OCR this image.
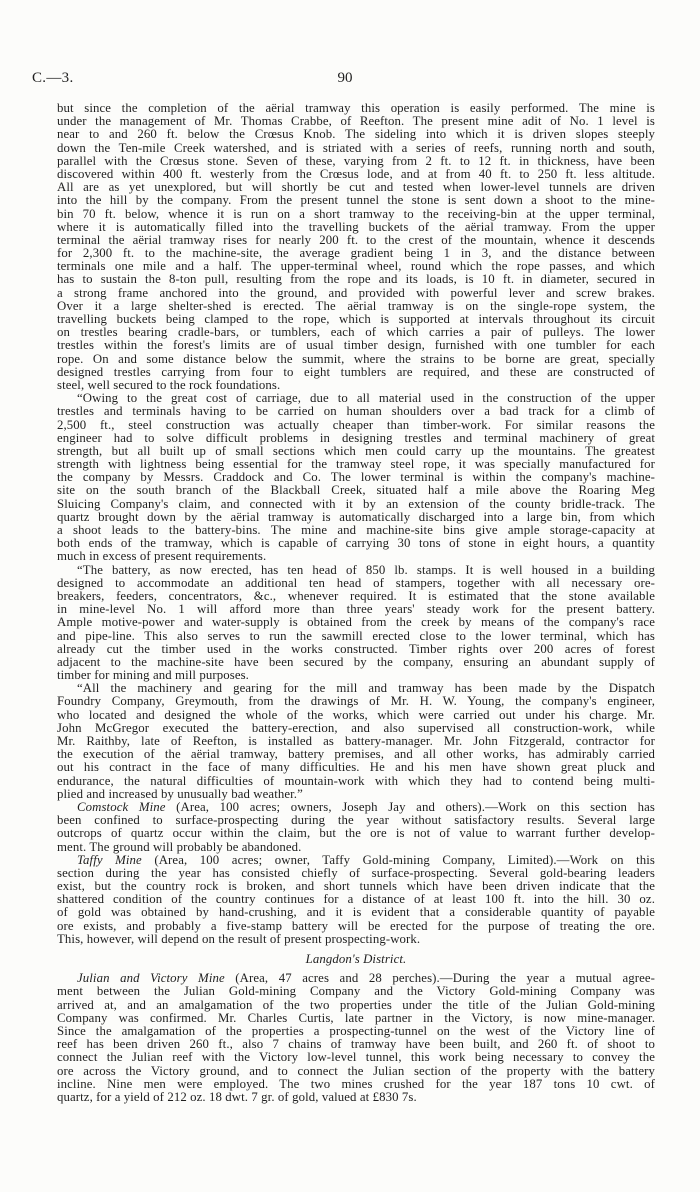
C.—3.	90
but since the completion of the aërial tramway this operation is easily performed. The mine is
under the management of Mr. Thomas Crabbe, of Reefton. The present mine adit of No. 1 level is
near to and 260 ft. below the Crœsus Knob. The sideling into which it is driven slopes steeply
down the Ten-mile Creek watershed, and is striated with a series of reefs, running north and south,
parallel with the Crœsus stone. Seven of these, varying from 2 ft. to 12 ft. in thickness, have been
discovered within 400 ft. westerly from the Crœsus lode, and at from 40 ft. to 250 ft. less altitude.
All are as yet unexplored, but will shortly be cut and tested when lower-level tunnels are driven
into the hill by the company. From the present tunnel the stone is sent down a shoot to the mine-
bin 70 ft. below, whence it is run on a short tramway to the receiving-bin at the upper terminal,
where it is automatically filled into the travelling buckets of the aërial tramway. From the upper
terminal the aërial tramway rises for nearly 200 ft. to the crest of the mountain, whence it descends
for 2,300 ft. to the machine-site, the average gradient being 1 in 3, and the distance between
terminals one mile and a half. The upper-terminal wheel, round which the rope passes, and which
has to sustain the 8-ton pull, resulting from the rope and its loads, is 10 ft. in diameter, secured in
a strong frame anchored into the ground, and provided with powerful lever and screw brakes.
Over it a large shelter-shed is erected. The aërial tramway is on the single-rope system, the
travelling buckets being clamped to the rope, which is supported at intervals throughout its circuit
on trestles bearing cradle-bars, or tumblers, each of which carries a pair of pulleys. The lower
trestles within the forest's limits are of usual timber design, furnished with one tumbler for each
rope. On and some distance below the summit, where the strains to be borne are great, specially
designed trestles carrying from four to eight tumblers are required, and these are constructed of
steel, well secured to the rock foundations.
“Owing to the great cost of carriage, due to all material used in the construction of the upper
trestles and terminals having to be carried on human shoulders over a bad track for a climb of
2,500 ft., steel construction was actually cheaper than timber-work. For similar reasons the
engineer had to solve difficult problems in designing trestles and terminal machinery of great
strength, but all built up of small sections which men could carry up the mountains. The greatest
strength with lightness being essential for the tramway steel rope, it was specially manufactured for
the company by Messrs. Craddock and Co. The lower terminal is within the company's machine-
site on the south branch of the Blackball Creek, situated half a mile above the Roaring Meg
Sluicing Company's claim, and connected with it by an extension of the county bridle-track. The
quartz brought down by the aërial tramway is automatically discharged into a large bin, from which
a shoot leads to the battery-bins. The mine and machine-site bins give ample storage-capacity at
both ends of the tramway, which is capable of carrying 30 tons of stone in eight hours, a quantity
much in excess of present requirements.
“The battery, as now erected, has ten head of 850 lb. stamps. It is well housed in a building
designed to accommodate an additional ten head of stampers, together with all necessary ore-
breakers, feeders, concentrators, &c., whenever required. It is estimated that the stone available
in mine-level No. 1 will afford more than three years' steady work for the present battery.
Ample motive-power and water-supply is obtained from the creek by means of the company's race
and pipe-line. This also serves to run the sawmill erected close to the lower terminal, which has
already cut the timber used in the works constructed. Timber rights over 200 acres of forest
adjacent to the machine-site have been secured by the company, ensuring an abundant supply of
timber for mining and mill purposes.
“All the machinery and gearing for the mill and tramway has been made by the Dispatch
Foundry Company, Greymouth, from the drawings of Mr. H. W. Young, the company's engineer,
who located and designed the whole of the works, which were carried out under his charge. Mr.
John McGregor executed the battery-erection, and also supervised all construction-work, while
Mr. Raithby, late of Reefton, is installed as battery-manager. Mr. John Fitzgerald, contractor for
the execution of the aërial tramway, battery premises, and all other works, has admirably carried
out his contract in the face of many difficulties. He and his men have shown great pluck and
endurance, the natural difficulties of mountain-work with which they had to contend being multi-
plied and increased by unusually bad weather.”
Comstock Mine (Area, 100 acres; owners, Joseph Jay and others).—Work on this section has
been confined to surface-prospecting during the year without satisfactory results. Several large
outcrops of quartz occur within the claim, but the ore is not of value to warrant further develop-
ment. The ground will probably be abandoned.
Taffy Mine (Area, 100 acres; owner, Taffy Gold-mining Company, Limited).—Work on this
section during the year has consisted chiefly of surface-prospecting. Several gold-bearing leaders
exist, but the country rock is broken, and short tunnels which have been driven indicate that the
shattered condition of the country continues for a distance of at least 100 ft. into the hill. 30 oz.
of gold was obtained by hand-crushing, and it is evident that a considerable quantity of payable
ore exists, and probably a five-stamp battery will be erected for the purpose of treating the ore.
This, however, will depend on the result of present prospecting-work.
Langdon's District.
Julian and Victory Mine (Area, 47 acres and 28 perches).—During the year a mutual agree-
ment between the Julian Gold-mining Company and the Victory Gold-mining Company was
arrived at, and an amalgamation of the two properties under the title of the Julian Gold-mining
Company was confirmed. Mr. Charles Curtis, late partner in the Victory, is now mine-manager.
Since the amalgamation of the properties a prospecting-tunnel on the west of the Victory line of
reef has been driven 260 ft., also 7 chains of tramway have been built, and 260 ft. of shoot to
connect the Julian reef with the Victory low-level tunnel, this work being necessary to convey the
ore across the Victory ground, and to connect the Julian section of the property with the battery
incline. Nine men were employed. The two mines crushed for the year 187 tons 10 cwt. of
quartz, for a yield of 212 oz. 18 dwt. 7 gr. of gold, valued at £830 7s.
